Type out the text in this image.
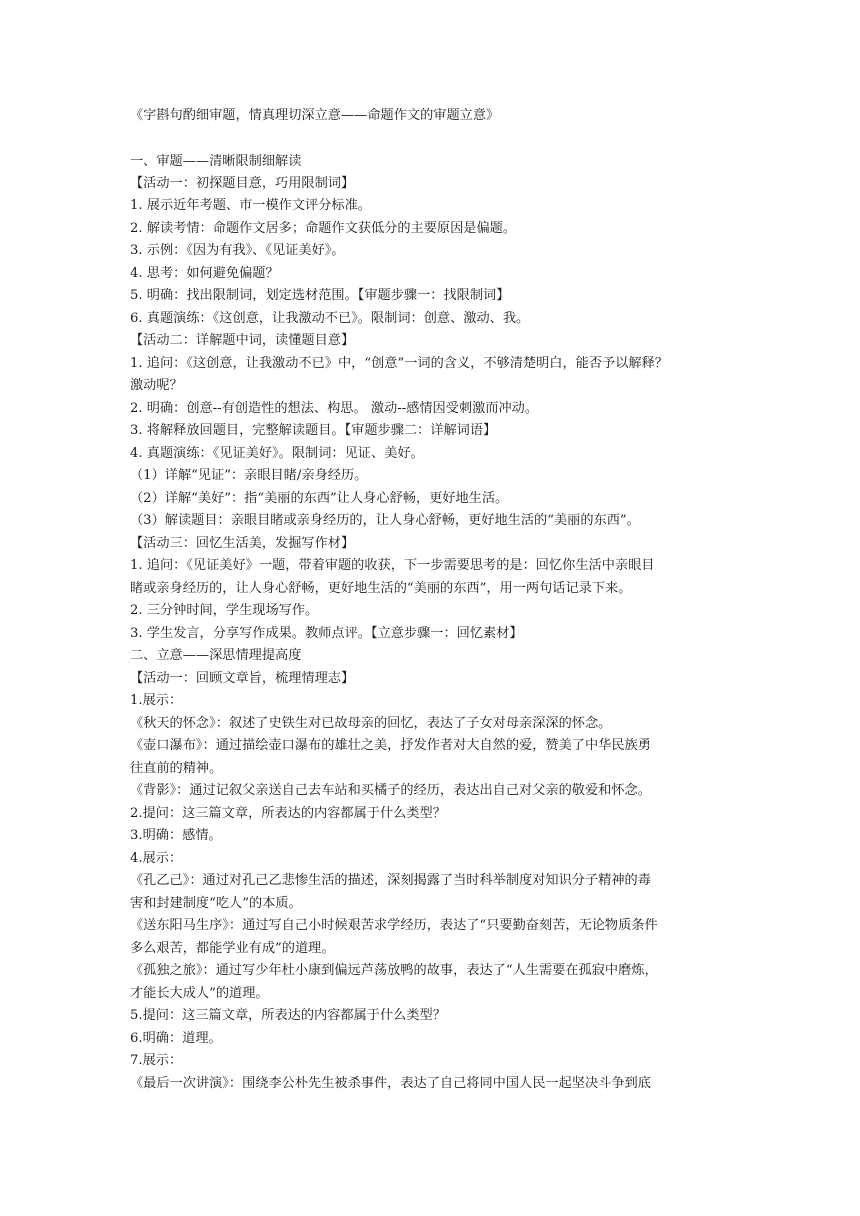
《字斟句酌细审题，情真理切深立意——命题作文的审题立意》
一、审题——清晰限制细解读
【活动一：初探题目意，巧用限制词】
1. 展示近年考题、市一模作文评分标准。
2. 解读考情：命题作文居多；命题作文获低分的主要原因是偏题。
3. 示例：《因为有我》、《见证美好》。
4. 思考：如何避免偏题？
5. 明确：找出限制词，划定选材范围。【审题步骤一：找限制词】
6. 真题演练：《这创意，让我激动不已》。限制词：创意、激动、我。
【活动二：详解题中词，读懂题目意】
1. 追问：《这创意，让我激动不已》中，“创意”一词的含义，不够清楚明白，能否予以解释？
激动呢？
2. 明确：创意--有创造性的想法、构思。 激动--感情因受刺激而冲动。
3. 将解释放回题目，完整解读题目。【审题步骤二：详解词语】
4. 真题演练：《见证美好》。限制词：见证、美好。
（1）详解“见证”：亲眼目睹/亲身经历。
（2）详解“美好”：指“美丽的东西”让人身心舒畅，更好地生活。
（3）解读题目：亲眼目睹或亲身经历的，让人身心舒畅，更好地生活的“美丽的东西”。
【活动三：回忆生活美，发掘写作材】
1. 追问：《见证美好》一题，带着审题的收获，下一步需要思考的是：回忆你生活中亲眼目
睹或亲身经历的，让人身心舒畅，更好地生活的“美丽的东西”，用一两句话记录下来。
2. 三分钟时间，学生现场写作。
3. 学生发言，分享写作成果。教师点评。【立意步骤一：回忆素材】
二、立意——深思情理提高度
【活动一：回顾文章旨，梳理情理志】
1.展示：
《秋天的怀念》：叙述了史铁生对已故母亲的回忆，表达了子女对母亲深深的怀念。
《壶口瀑布》：通过描绘壶口瀑布的雄壮之美，抒发作者对大自然的爱，赞美了中华民族勇
往直前的精神。
《背影》：通过记叙父亲送自己去车站和买橘子的经历，表达出自己对父亲的敬爱和怀念。
2.提问：这三篇文章，所表达的内容都属于什么类型？
3.明确：感情。
4.展示：
《孔乙己》：通过对孔己乙悲惨生活的描述，深刻揭露了当时科举制度对知识分子精神的毒
害和封建制度“吃人”的本质。
《送东阳马生序》：通过写自己小时候艰苦求学经历，表达了“只要勤奋刻苦，无论物质条件
多么艰苦，都能学业有成”的道理。
《孤独之旅》：通过写少年杜小康到偏远芦荡放鸭的故事，表达了“人生需要在孤寂中磨炼，
才能长大成人”的道理。
5.提问：这三篇文章，所表达的内容都属于什么类型？
6.明确：道理。
7.展示：
《最后一次讲演》：围绕李公朴先生被杀事件，表达了自己将同中国人民一起坚决斗争到底
